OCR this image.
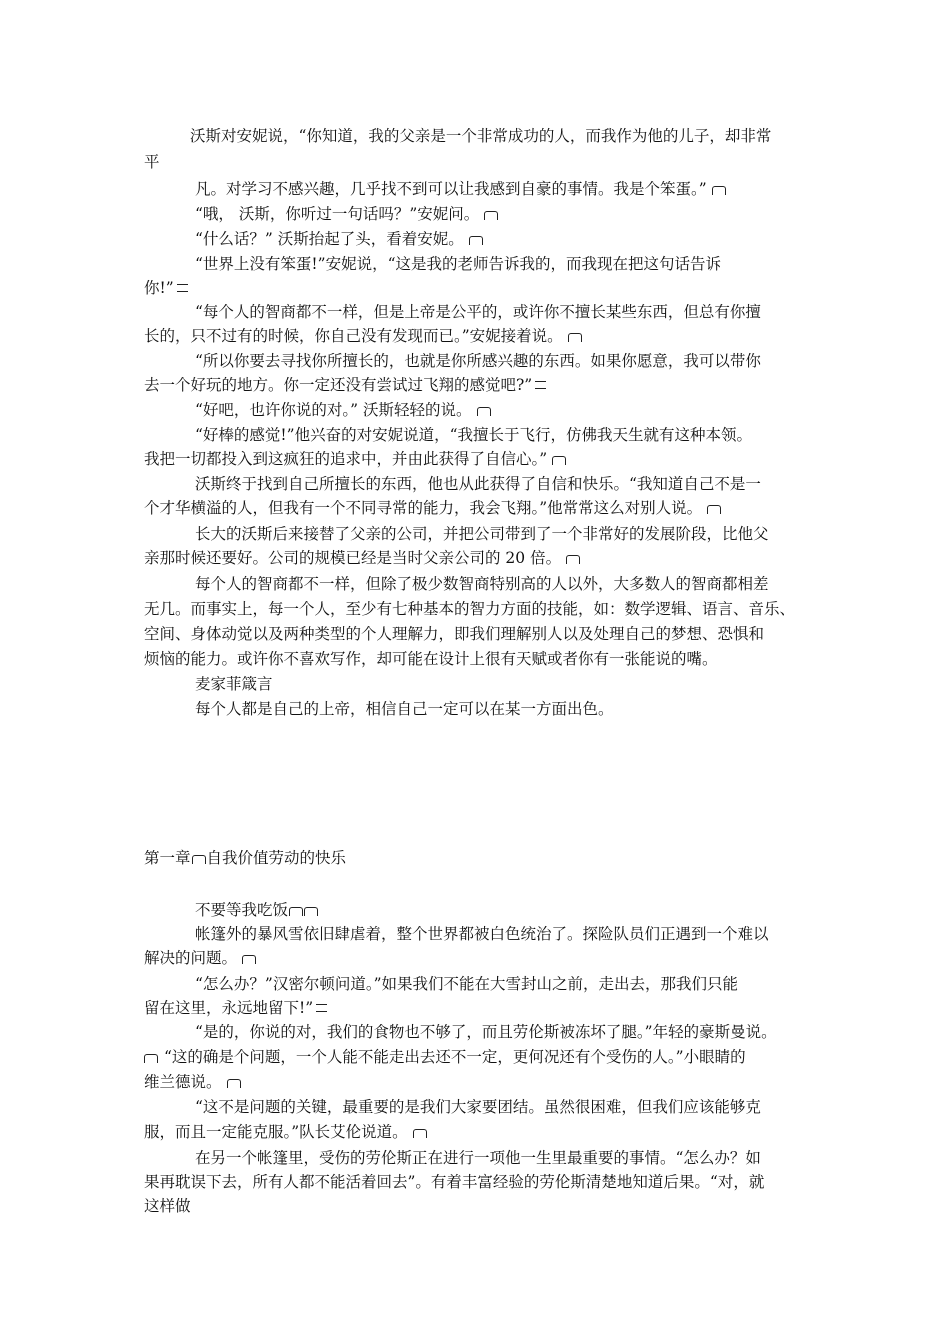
沃斯对安妮说，“你知道，我的父亲是一个非常成功的人，而我作为他的儿子，却非常
平
凡。对学习不感兴趣，几乎找不到可以让我感到自豪的事情。我是个笨蛋。”
“哦， 沃斯，你听过一句话吗？”安妮问。
“什么话？” 沃斯抬起了头，看着安妮。
“世界上没有笨蛋!”安妮说，“这是我的老师告诉我的，而我现在把这句话告诉
你!”
“每个人的智商都不一样，但是上帝是公平的，或许你不擅长某些东西，但总有你擅
长的，只不过有的时候，你自己没有发现而已。”安妮接着说。
“所以你要去寻找你所擅长的，也就是你所感兴趣的东西。如果你愿意，我可以带你
去一个好玩的地方。你一定还没有尝试过飞翔的感觉吧?”
“好吧，也许你说的对。” 沃斯轻轻的说。
“好棒的感觉!”他兴奋的对安妮说道，“我擅长于飞行，仿佛我天生就有这种本领。
我把一切都投入到这疯狂的追求中，并由此获得了自信心。”
沃斯终于找到自己所擅长的东西，他也从此获得了自信和快乐。“我知道自己不是一
个才华横溢的人，但我有一个不同寻常的能力，我会飞翔。”他常常这么对别人说。
长大的沃斯后来接替了父亲的公司，并把公司带到了一个非常好的发展阶段，比他父
亲那时候还要好。公司的规模已经是当时父亲公司的 20 倍。
每个人的智商都不一样，但除了极少数智商特别高的人以外，大多数人的智商都相差
无几。而事实上，每一个人，至少有七种基本的智力方面的技能，如：数学逻辑、语言、音乐、
空间、身体动觉以及两种类型的个人理解力，即我们理解别人以及处理自己的梦想、恐惧和
烦恼的能力。或许你不喜欢写作，却可能在设计上很有天赋或者你有一张能说的嘴。
麦家菲箴言
每个人都是自己的上帝，相信自己一定可以在某一方面出色。
第一章 自我价值劳动的快乐
不要等我吃饭
帐篷外的暴风雪依旧肆虐着，整个世界都被白色统治了。探险队员们正遇到一个难以
解决的问题。
“怎么办？”汉密尔顿问道。”如果我们不能在大雪封山之前，走出去，那我们只能
留在这里，永远地留下!”
“是的，你说的对，我们的食物也不够了，而且劳伦斯被冻坏了腿。”年轻的豪斯曼说。
“这的确是个问题，一个人能不能走出去还不一定，更何况还有个受伤的人。”小眼睛的
维兰德说。
“这不是问题的关键，最重要的是我们大家要团结。虽然很困难，但我们应该能够克
服，而且一定能克服。”队长艾伦说道。
在另一个帐篷里，受伤的劳伦斯正在进行一项他一生里最重要的事情。“怎么办？如
果再耽误下去，所有人都不能活着回去”。有着丰富经验的劳伦斯清楚地知道后果。“对，就
这样做
